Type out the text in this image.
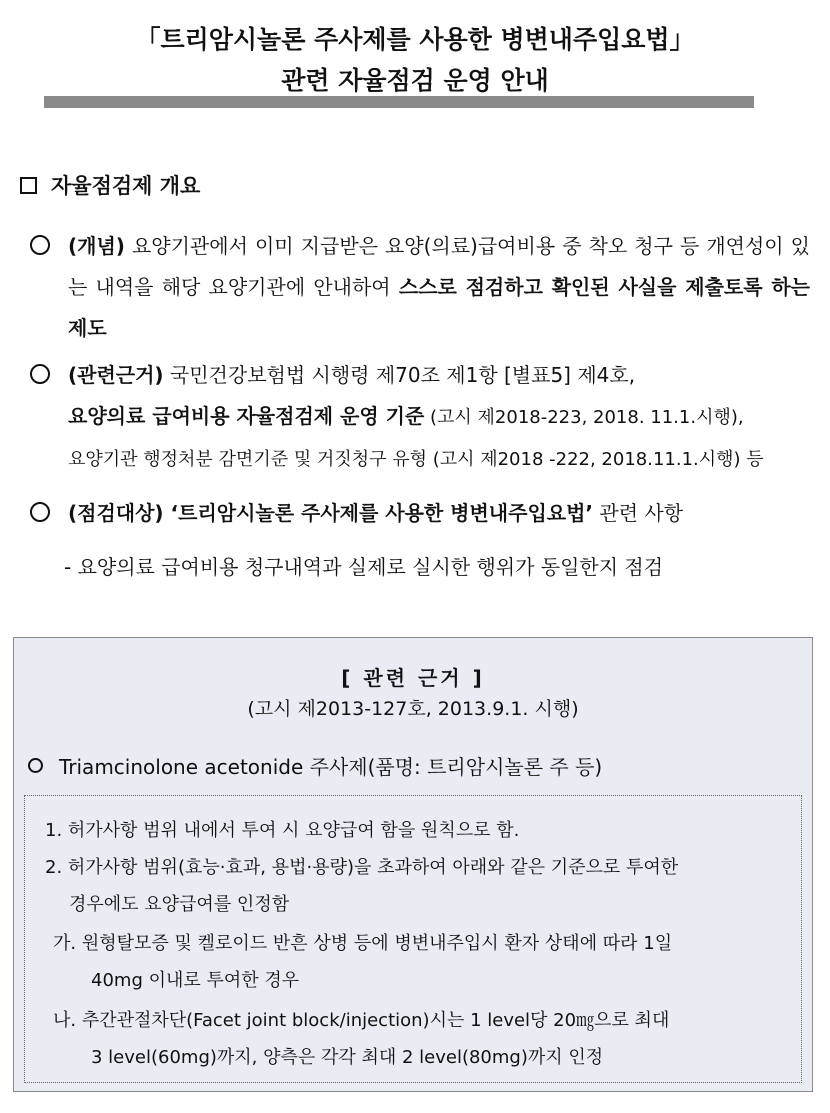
「트리암시놀론 주사제를 사용한 병변내주입요법」
관련 자율점검 운영 안내
자율점검제 개요
(개념) 요양기관에서 이미 지급받은 요양(의료)급여비용 중 착오 청구 등 개연성이 있는 내역을 해당 요양기관에 안내하여 스스로 점검하고 확인된 사실을 제출토록 하는 제도
(관련근거) 국민건강보험법 시행령 제70조 제1항 [별표5] 제4호,
요양의료 급여비용 자율점검제 운영 기준 (고시 제2018-223, 2018. 11.1.시행),
요양기관 행정처분 감면기준 및 거짓청구 유형 (고시 제2018 -222, 2018.11.1.시행) 등
(점검대상) ‘트리암시놀론 주사제를 사용한 병변내주입요법’ 관련 사항
- 요양의료 급여비용 청구내역과 실제로 실시한 행위가 동일한지 점검
[ 관련 근거 ]
(고시 제2013-127호, 2013.9.1. 시행)
Triamcinolone acetonide 주사제(품명: 트리암시놀론 주 등)
1. 허가사항 범위 내에서 투여 시 요양급여 함을 원칙으로 함.
2. 허가사항 범위(효능·효과, 용법·용량)을 초과하여 아래와 같은 기준으로 투여한
경우에도 요양급여를 인정함
가. 원형탈모증 및 켈로이드 반흔 상병 등에 병변내주입시 환자 상태에 따라 1일
40mg 이내로 투여한 경우
나. 추간관절차단(Facet joint block/injection)시는 1 level당 20㎎으로 최대
3 level(60mg)까지, 양측은 각각 최대 2 level(80mg)까지 인정
